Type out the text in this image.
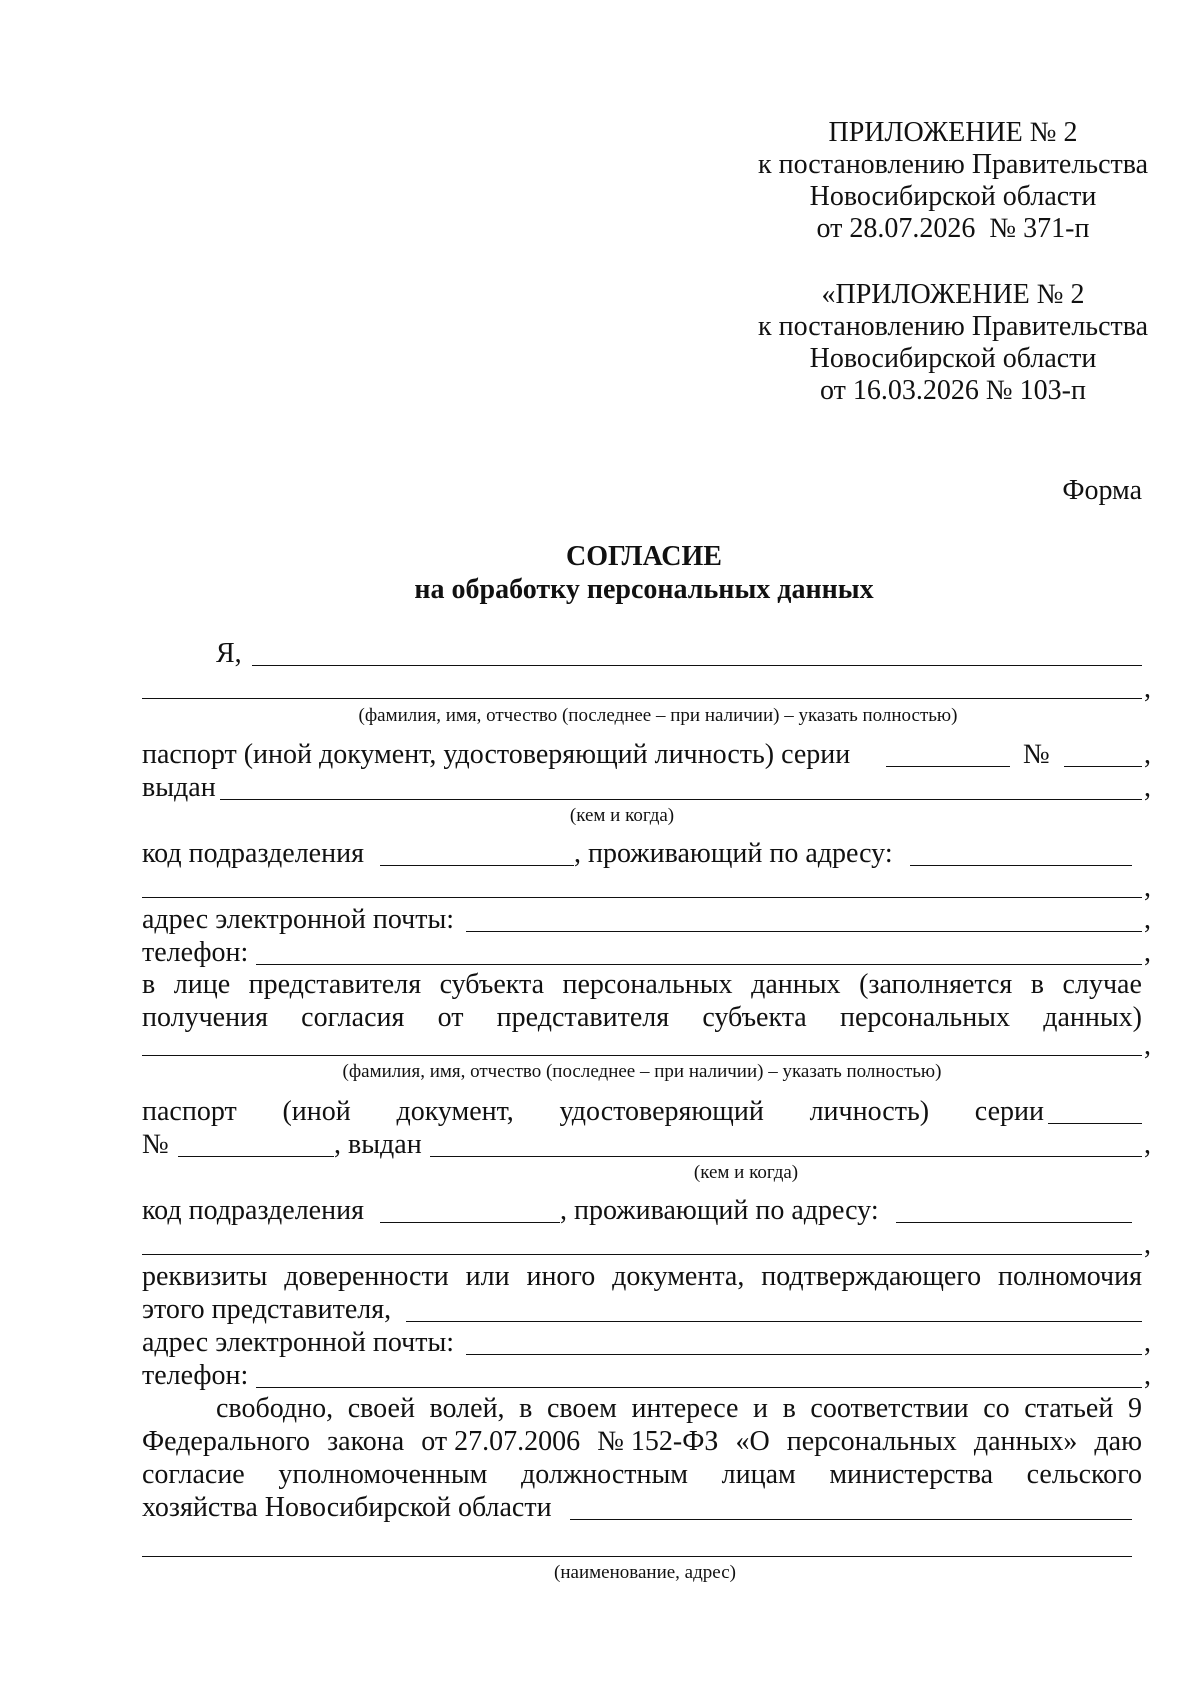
ПРИЛОЖЕНИЕ № 2
к постановлению Правительства
Новосибирской области
от 28.07.2026  № 371-п
«ПРИЛОЖЕНИЕ № 2
к постановлению Правительства
Новосибирской области
от 16.03.2026 № 103-п
Форма
СОГЛАСИЕ
на обработку персональных данных
Я,
,
(фамилия, имя, отчество (последнее – при наличии) – указать полностью)
паспорт (иной документ, удостоверяющий личность) серии	№	,
выдан	,
(кем и когда)
код подразделения	, проживающий по адресу:
,
адрес электронной почты:	,
телефон:	,
в лице представителя субъекта персональных данных (заполняется в случае
получения согласия от представителя субъекта персональных данных)
,
(фамилия, имя, отчество (последнее – при наличии) – указать полностью)
паспорт (иной документ, удостоверяющий личность) серии
№	, выдан	,
(кем и когда)
код подразделения	, проживающий по адресу:
,
реквизиты доверенности или иного документа, подтверждающего полномочия
этого представителя,
адрес электронной почты:	,
телефон:	,
свободно, своей волей, в своем интересе и в соответствии со статьей 9
Федерального закона от 27.07.2006 № 152-ФЗ «О персональных данных» даю
согласие уполномоченным должностным лицам министерства сельского
хозяйства Новосибирской области
(наименование, адрес)
